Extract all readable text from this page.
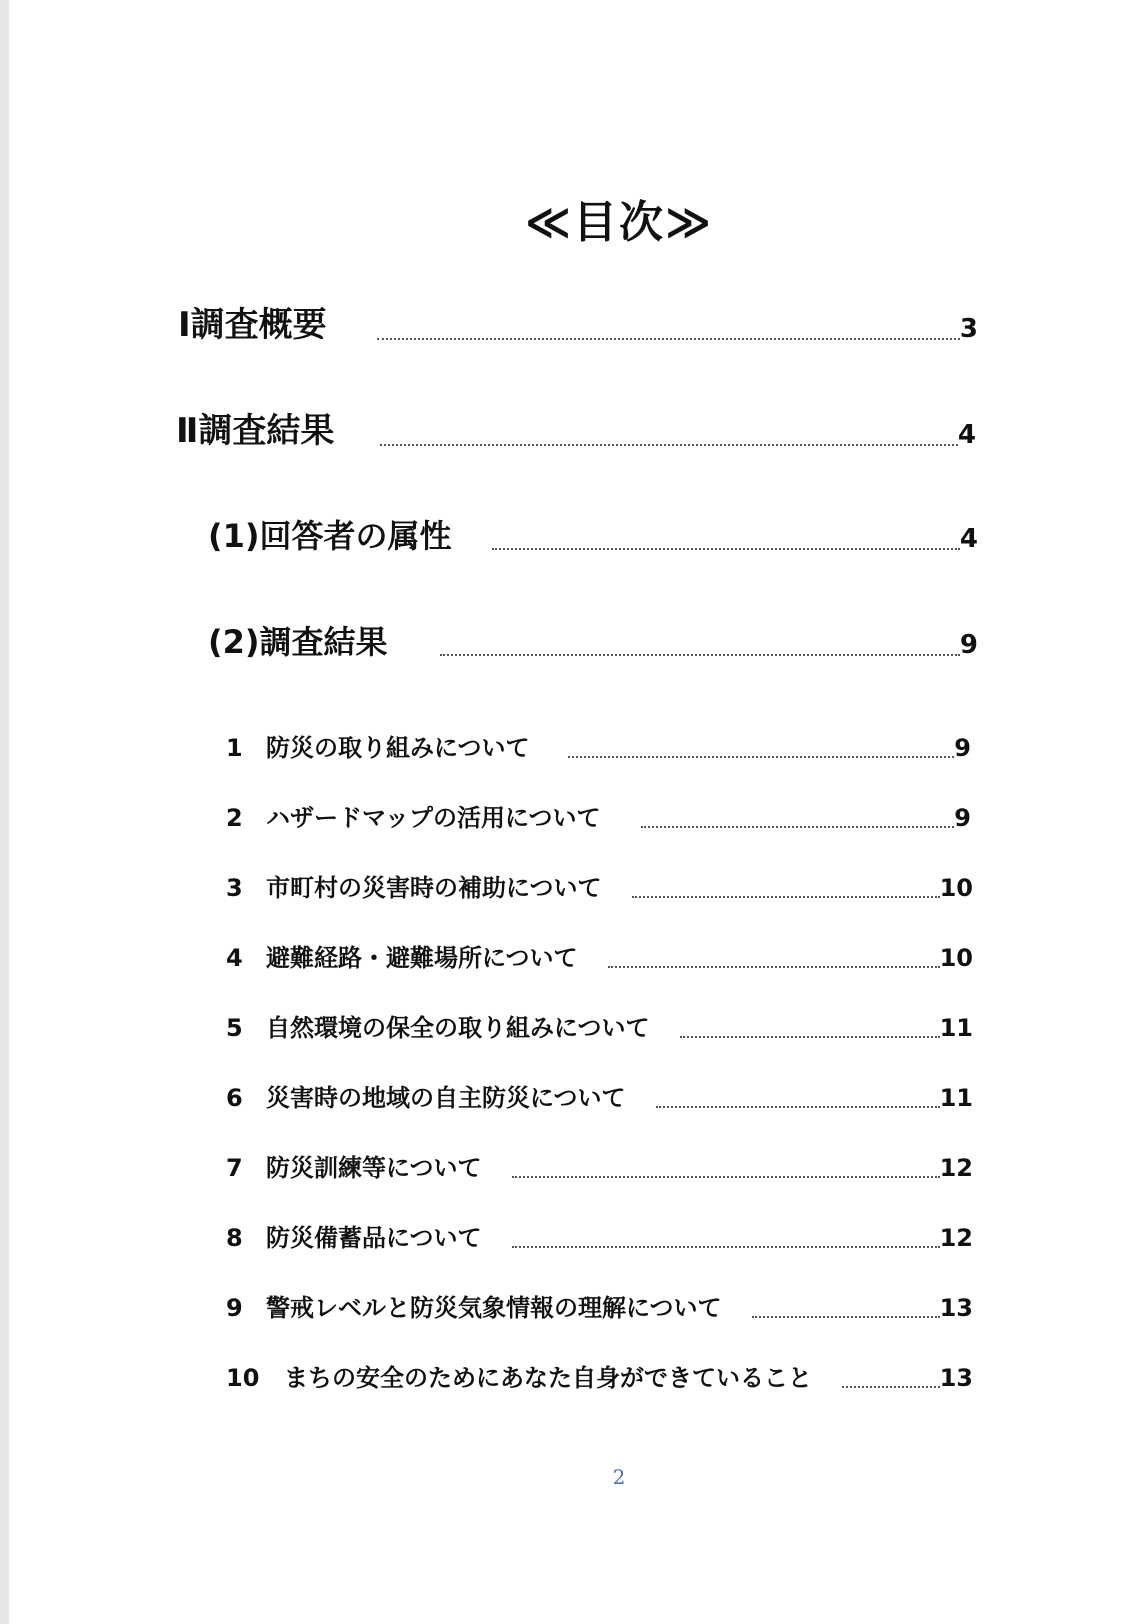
≪目次≫
Ⅰ調査概要	3
Ⅱ調査結果	4
(1)回答者の属性	4
(2)調査結果	9
1 防災の取り組みについて	9
2 ハザードマップの活用について	9
3 市町村の災害時の補助について	10
4 避難経路・避難場所について	10
5 自然環境の保全の取り組みについて	11
6 災害時の地域の自主防災について	11
7 防災訓練等について	12
8 防災備蓄品について	12
9 警戒レベルと防災気象情報の理解について	13
10 まちの安全のためにあなた自身ができていること	13
2
